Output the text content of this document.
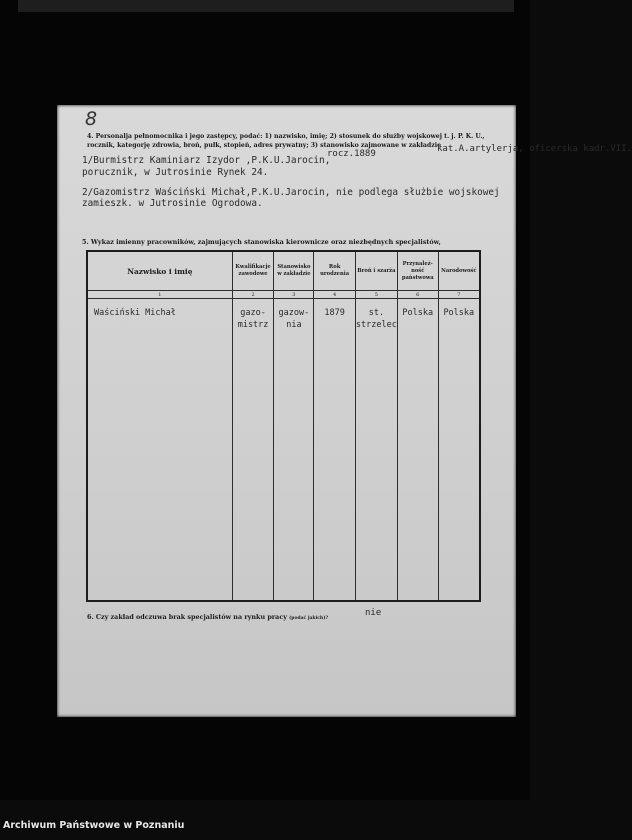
8
4. Personalja pełnomocnika i jego zastępcy, podać: 1) nazwisko, imię; 2) stosunek do służby wojskowej t. j. P. K. U., rocznik, kategorję zdrowia, broń, pułk, stopień, adres prywatny; 3) stanowisko zajmowane w zakładzie
kat.A.artylerja, oficerska kadr.VII.
rocz.1889
1/Burmistrz Kaminiarz Izydor ,P.K.U.Jarocin,
porucznik, w Jutrosinie Rynek 24.
2/Gazomistrz Waściński Michał,P.K.U.Jarocin, nie podlega służbie wojskowej
zamieszk. w Jutrosinie Ogrodowa.
5. Wykaz imienny pracowników, zajmujących stanowiska kierownicze oraz niezbędnych specjalistów,
Nazwisko i imię	Kwalifikacje zawodowe	Stanowisko w zakładzie	Rok urodzenia	Broń i szarża	Przynależ- ność państwowa	Narodowość
1	2	3	4	5	6	7
Waściński Michał	gazo- mistrz	gazow- nia	1879	st. strzelec	Polska	Polska
6. Czy zakład odczuwa brak specjalistów na rynku pracy (podać jakich)?
nie
Archiwum Państwowe w Poznaniu
